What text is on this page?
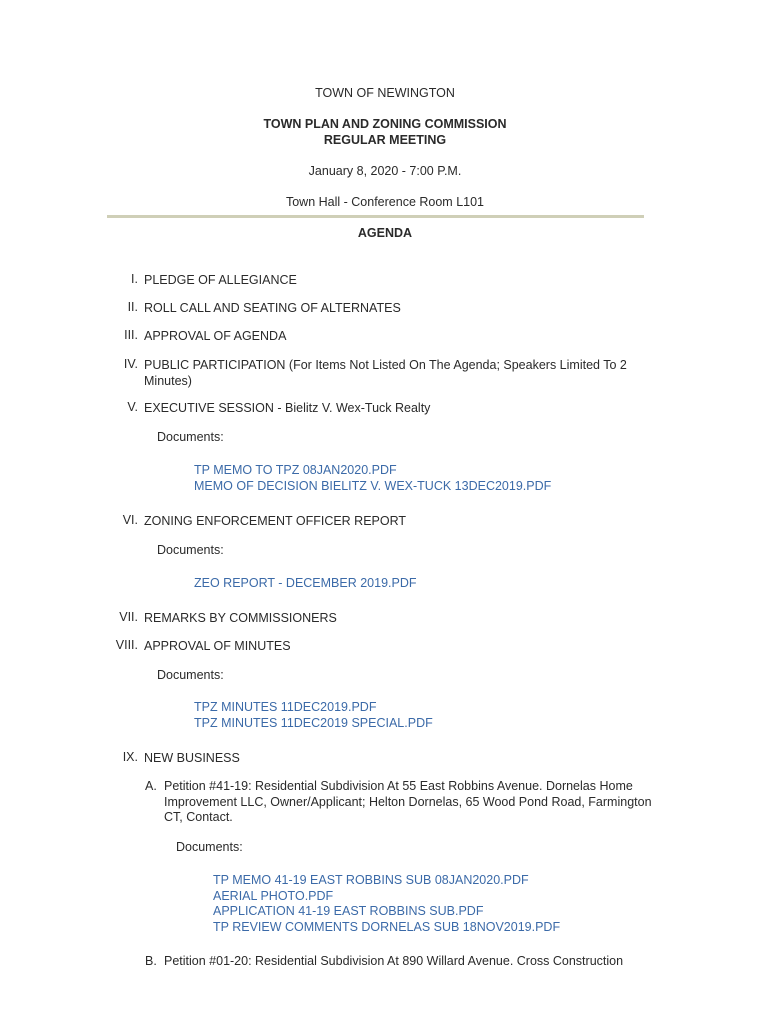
TOWN OF NEWINGTON
TOWN PLAN AND ZONING COMMISSION
REGULAR MEETING
January 8, 2020 - 7:00 P.M.
Town Hall - Conference Room L101
AGENDA
I. PLEDGE OF ALLEGIANCE
II. ROLL CALL AND SEATING OF ALTERNATES
III. APPROVAL OF AGENDA
IV. PUBLIC PARTICIPATION (For Items Not Listed On The Agenda; Speakers Limited To 2 Minutes)
V. EXECUTIVE SESSION - Bielitz V. Wex-Tuck Realty
Documents:
TP MEMO TO TPZ 08JAN2020.PDF
MEMO OF DECISION BIELITZ V. WEX-TUCK 13DEC2019.PDF
VI. ZONING ENFORCEMENT OFFICER REPORT
Documents:
ZEO REPORT - DECEMBER 2019.PDF
VII. REMARKS BY COMMISSIONERS
VIII. APPROVAL OF MINUTES
Documents:
TPZ MINUTES 11DEC2019.PDF
TPZ MINUTES 11DEC2019 SPECIAL.PDF
IX. NEW BUSINESS
A. Petition #41-19: Residential Subdivision At 55 East Robbins Avenue. Dornelas Home Improvement LLC, Owner/Applicant; Helton Dornelas, 65 Wood Pond Road, Farmington CT, Contact.
Documents:
TP MEMO 41-19 EAST ROBBINS SUB 08JAN2020.PDF
AERIAL PHOTO.PDF
APPLICATION 41-19 EAST ROBBINS SUB.PDF
TP REVIEW COMMENTS DORNELAS SUB 18NOV2019.PDF
B. Petition #01-20: Residential Subdivision At 890 Willard Avenue. Cross Construction
